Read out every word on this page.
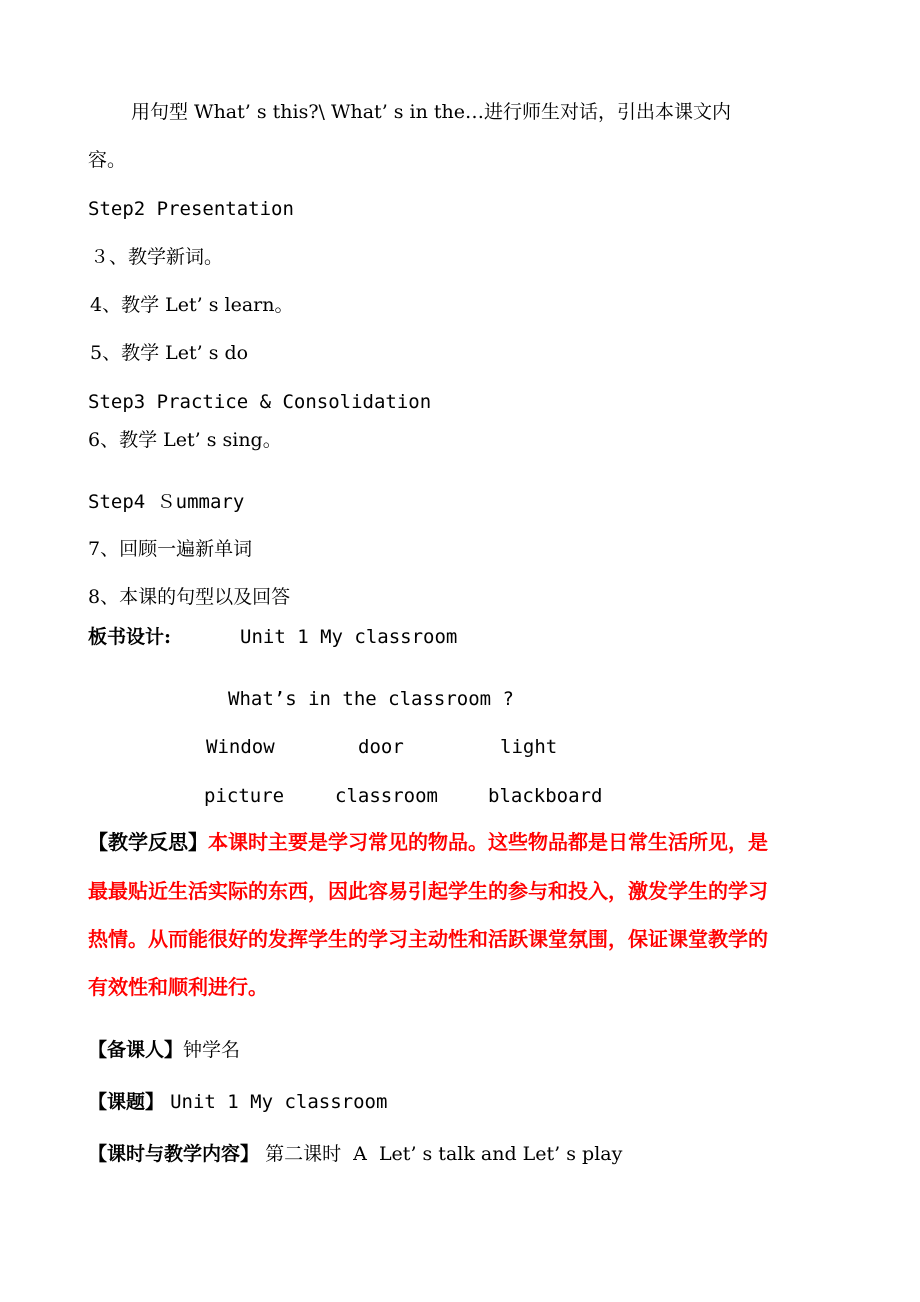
用句型 What’ s this?\ What’ s in the…进行师生对话，引出本课文内
容。
Step2 Presentation
３、教学新词。
4、教学 Let’ s learn。
5、教学 Let’ s do
Step3 Practice & Consolidation
6、教学 Let’ s sing。
Step4 Ｓummary
7、回顾一遍新单词
8、本课的句型以及回答
板书设计:	Unit 1 My classroom
What’s in the classroom ?
Window	door	light
picture	classroom	blackboard
【教学反思】本课时主要是学习常见的物品。这些物品都是日常生活所见，是
最最贴近生活实际的东西，因此容易引起学生的参与和投入，激发学生的学习
热情。从而能很好的发挥学生的学习主动性和活跃课堂氛围，保证课堂教学的
有效性和顺利进行。
【备课人】钟学名
【课题】 Unit 1 My classroom
【课时与教学内容】 第二课时  A  Let’ s talk and Let’ s play
